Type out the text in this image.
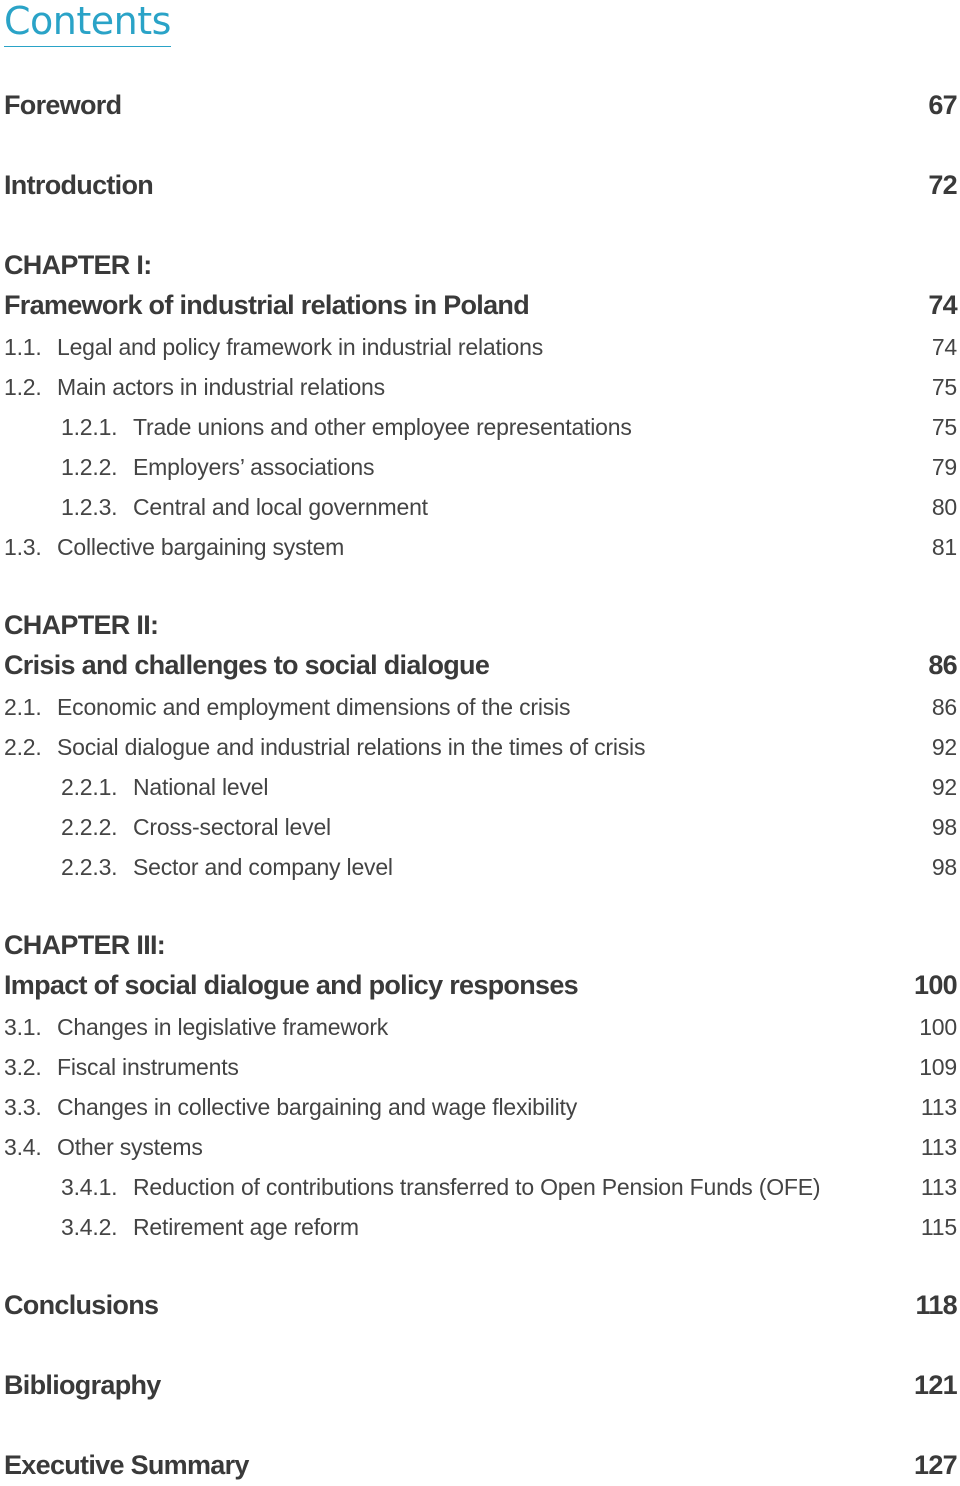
Contents
Foreword	67
Introduction	72
CHAPTER I:
Framework of industrial relations in Poland	74
1.1. Legal and policy framework in industrial relations	74
1.2. Main actors in industrial relations	75
1.2.1. Trade unions and other employee representations	75
1.2.2. Employers’ associations	79
1.2.3. Central and local government	80
1.3. Collective bargaining system	81
CHAPTER II:
Crisis and challenges to social dialogue	86
2.1. Economic and employment dimensions of the crisis	86
2.2. Social dialogue and industrial relations in the times of crisis	92
2.2.1. National level	92
2.2.2. Cross-sectoral level	98
2.2.3. Sector and company level	98
CHAPTER III:
Impact of social dialogue and policy responses	100
3.1. Changes in legislative framework	100
3.2. Fiscal instruments	109
3.3. Changes in collective bargaining and wage flexibility	113
3.4. Other systems	113
3.4.1. Reduction of contributions transferred to Open Pension Funds (OFE)	113
3.4.2. Retirement age reform	115
Conclusions	118
Bibliography	121
Executive Summary	127
